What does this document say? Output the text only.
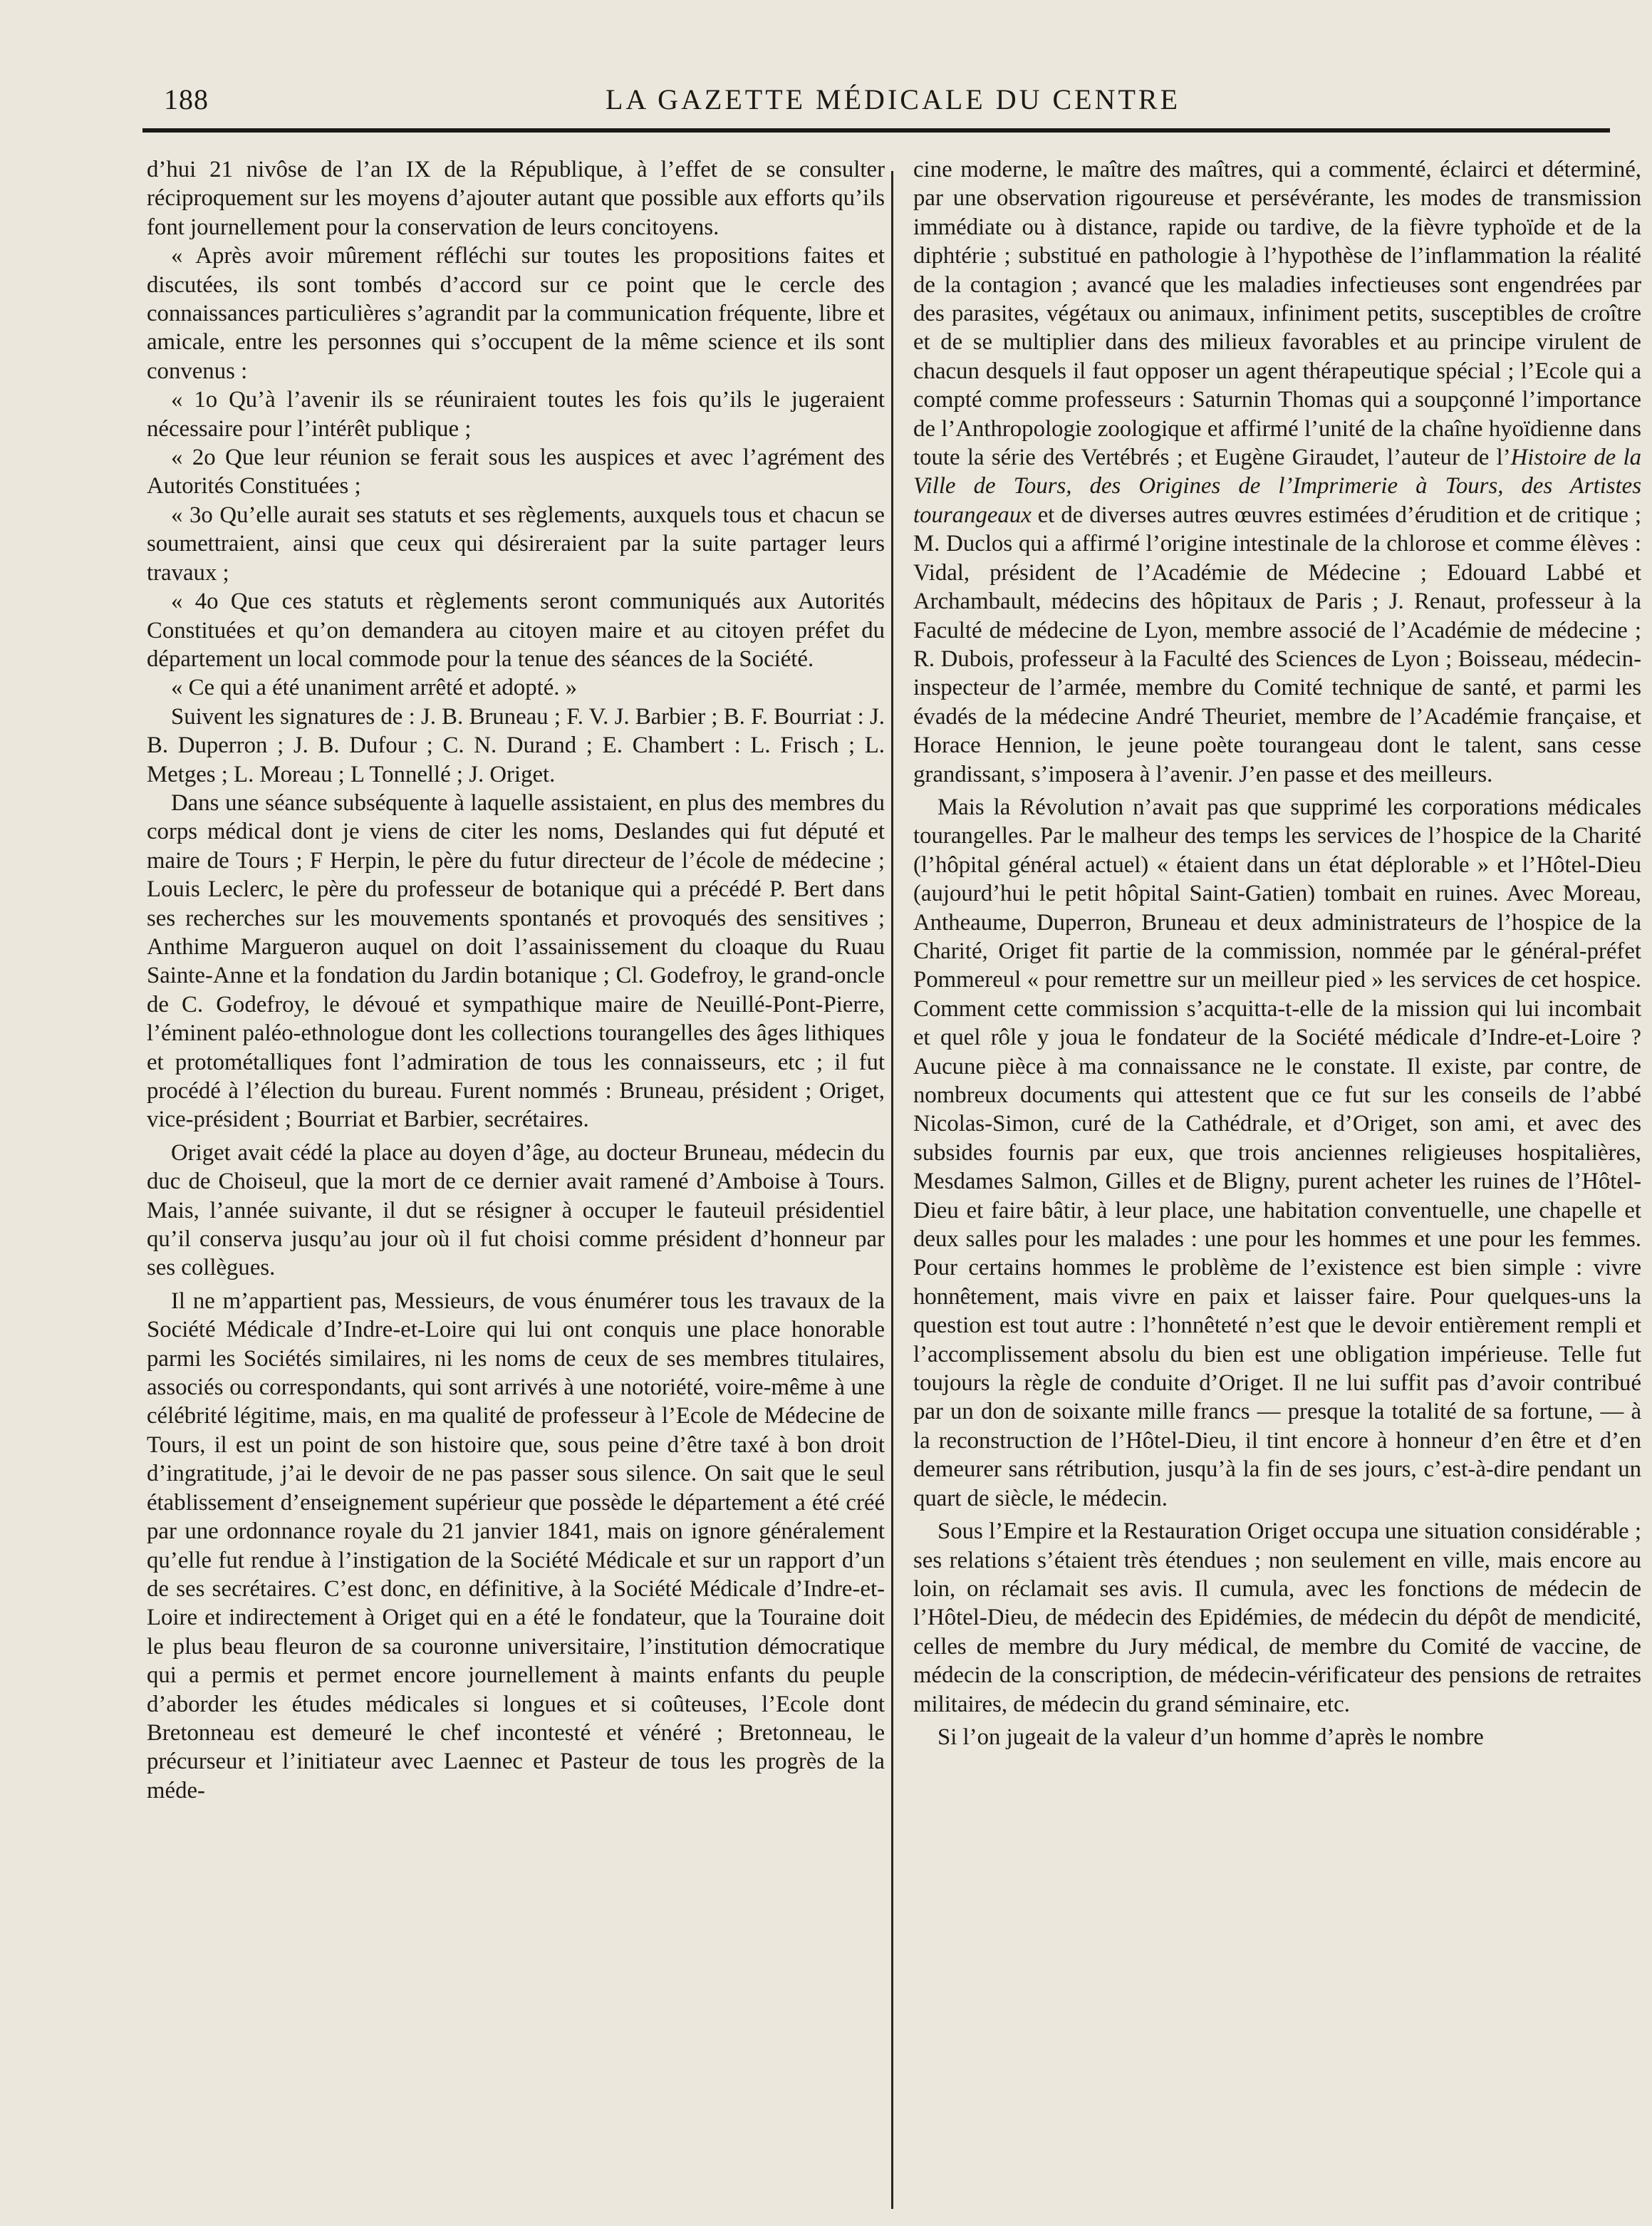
188	LA GAZETTE MÉDICALE DU CENTRE

d’hui 21 nivôse de l’an IX de la République, à l’effet de se consulter réciproquement sur les moyens d’ajouter autant que possible aux efforts qu’ils font journellement pour la conservation de leurs concitoyens.

« Après avoir mûrement réfléchi sur toutes les propositions faites et discutées, ils sont tombés d’accord sur ce point que le cercle des connaissances particulières s’agrandit par la communication fréquente, libre et amicale, entre les personnes qui s’occupent de la même science et ils sont convenus :

« 1o Qu’à l’avenir ils se réuniraient toutes les fois qu’ils le jugeraient nécessaire pour l’intérêt publique ;

« 2o Que leur réunion se ferait sous les auspices et avec l’agrément des Autorités Constituées ;

« 3o Qu’elle aurait ses statuts et ses règlements, auxquels tous et chacun se soumettraient, ainsi que ceux qui désireraient par la suite partager leurs travaux ;

« 4o Que ces statuts et règlements seront communiqués aux Autorités Constituées et qu’on demandera au citoyen maire et au citoyen préfet du département un local commode pour la tenue des séances de la Société.

« Ce qui a été unaniment arrêté et adopté. »

Suivent les signatures de : J. B. Bruneau ; F. V. J. Barbier ; B. F. Bourriat : J. B. Duperron ; J. B. Dufour ; C. N. Durand ; E. Chambert : L. Frisch ; L. Metges ; L. Moreau ; L Tonnellé ; J. Origet.

Dans une séance subséquente à laquelle assistaient, en plus des membres du corps médical dont je viens de citer les noms, Deslandes qui fut député et maire de Tours ; F Herpin, le père du futur directeur de l’école de médecine ; Louis Leclerc, le père du professeur de botanique qui a précédé P. Bert dans ses recherches sur les mouvements spontanés et provoqués des sensitives ; Anthime Margueron auquel on doit l’assainissement du cloaque du Ruau Sainte-Anne et la fondation du Jardin botanique ; Cl. Godefroy, le grand-oncle de C. Godefroy, le dévoué et sympathique maire de Neuillé-Pont-Pierre, l’éminent paléo-ethnologue dont les collections tourangelles des âges lithiques et protométalliques font l’admiration de tous les connaisseurs, etc ; il fut procédé à l’élection du bureau. Furent nommés : Bruneau, président ; Origet, vice-président ; Bourriat et Barbier, secrétaires.

Origet avait cédé la place au doyen d’âge, au docteur Bruneau, médecin du duc de Choiseul, que la mort de ce dernier avait ramené d’Amboise à Tours. Mais, l’année suivante, il dut se résigner à occuper le fauteuil présidentiel qu’il conserva jusqu’au jour où il fut choisi comme président d’honneur par ses collègues.

Il ne m’appartient pas, Messieurs, de vous énumérer tous les travaux de la Société Médicale d’Indre-et-Loire qui lui ont conquis une place honorable parmi les Sociétés similaires, ni les noms de ceux de ses membres titulaires, associés ou correspondants, qui sont arrivés à une notoriété, voire-même à une célébrité légitime, mais, en ma qualité de professeur à l’Ecole de Médecine de Tours, il est un point de son histoire que, sous peine d’être taxé à bon droit d’ingratitude, j’ai le devoir de ne pas passer sous silence. On sait que le seul établissement d’enseignement supérieur que possède le département a été créé par une ordonnance royale du 21 janvier 1841, mais on ignore généralement qu’elle fut rendue à l’instigation de la Société Médicale et sur un rapport d’un de ses secrétaires. C’est donc, en définitive, à la Société Médicale d’Indre-et-Loire et indirectement à Origet qui en a été le fondateur, que la Touraine doit le plus beau fleuron de sa couronne universitaire, l’institution démocratique qui a permis et permet encore journellement à maints enfants du peuple d’aborder les études médicales si longues et si coûteuses, l’Ecole dont Bretonneau est demeuré le chef incontesté et vénéré ; Bretonneau, le précurseur et l’initiateur avec Laennec et Pasteur de tous les progrès de la méde-

cine moderne, le maître des maîtres, qui a commenté, éclairci et déterminé, par une observation rigoureuse et persévérante, les modes de transmission immédiate ou à distance, rapide ou tardive, de la fièvre typhoïde et de la diphtérie ; substitué en pathologie à l’hypothèse de l’inflammation la réalité de la contagion ; avancé que les maladies infectieuses sont engendrées par des parasites, végétaux ou animaux, infiniment petits, susceptibles de croître et de se multiplier dans des milieux favorables et au principe virulent de chacun desquels il faut opposer un agent thérapeutique spécial ; l’Ecole qui a compté comme professeurs : Saturnin Thomas qui a soupçonné l’importance de l’Anthropologie zoologique et affirmé l’unité de la chaîne hyoïdienne dans toute la série des Vertébrés ; et Eugène Giraudet, l’auteur de l’Histoire de la Ville de Tours, des Origines de l’Imprimerie à Tours, des Artistes tourangeaux et de diverses autres œuvres estimées d’érudition et de critique ; M. Duclos qui a affirmé l’origine intestinale de la chlorose et comme élèves : Vidal, président de l’Académie de Médecine ; Edouard Labbé et Archambault, médecins des hôpitaux de Paris ; J. Renaut, professeur à la Faculté de médecine de Lyon, membre associé de l’Académie de médecine ; R. Dubois, professeur à la Faculté des Sciences de Lyon ; Boisseau, médecin-inspecteur de l’armée, membre du Comité technique de santé, et parmi les évadés de la médecine André Theuriet, membre de l’Académie française, et Horace Hennion, le jeune poète tourangeau dont le talent, sans cesse grandissant, s’imposera à l’avenir. J’en passe et des meilleurs.

Mais la Révolution n’avait pas que supprimé les corporations médicales tourangelles. Par le malheur des temps les services de l’hospice de la Charité (l’hôpital général actuel) « étaient dans un état déplorable » et l’Hôtel-Dieu (aujourd’hui le petit hôpital Saint-Gatien) tombait en ruines. Avec Moreau, Antheaume, Duperron, Bruneau et deux administrateurs de l’hospice de la Charité, Origet fit partie de la commission, nommée par le général-préfet Pommereul « pour remettre sur un meilleur pied » les services de cet hospice. Comment cette commission s’acquitta-t-elle de la mission qui lui incombait et quel rôle y joua le fondateur de la Société médicale d’Indre-et-Loire ? Aucune pièce à ma connaissance ne le constate. Il existe, par contre, de nombreux documents qui attestent que ce fut sur les conseils de l’abbé Nicolas-Simon, curé de la Cathédrale, et d’Origet, son ami, et avec des subsides fournis par eux, que trois anciennes religieuses hospitalières, Mesdames Salmon, Gilles et de Bligny, purent acheter les ruines de l’Hôtel-Dieu et faire bâtir, à leur place, une habitation conventuelle, une chapelle et deux salles pour les malades : une pour les hommes et une pour les femmes. Pour certains hommes le problème de l’existence est bien simple : vivre honnêtement, mais vivre en paix et laisser faire. Pour quelques-uns la question est tout autre : l’honnêteté n’est que le devoir entièrement rempli et l’accomplissement absolu du bien est une obligation impérieuse. Telle fut toujours la règle de conduite d’Origet. Il ne lui suffit pas d’avoir contribué par un don de soixante mille francs — presque la totalité de sa fortune, — à la reconstruction de l’Hôtel-Dieu, il tint encore à honneur d’en être et d’en demeurer sans rétribution, jusqu’à la fin de ses jours, c’est-à-dire pendant un quart de siècle, le médecin.

Sous l’Empire et la Restauration Origet occupa une situation considérable ; ses relations s’étaient très étendues ; non seulement en ville, mais encore au loin, on réclamait ses avis. Il cumula, avec les fonctions de médecin de l’Hôtel-Dieu, de médecin des Epidémies, de médecin du dépôt de mendicité, celles de membre du Jury médical, de membre du Comité de vaccine, de médecin de la conscription, de médecin-vérificateur des pensions de retraites militaires, de médecin du grand séminaire, etc.

Si l’on jugeait de la valeur d’un homme d’après le nombre
